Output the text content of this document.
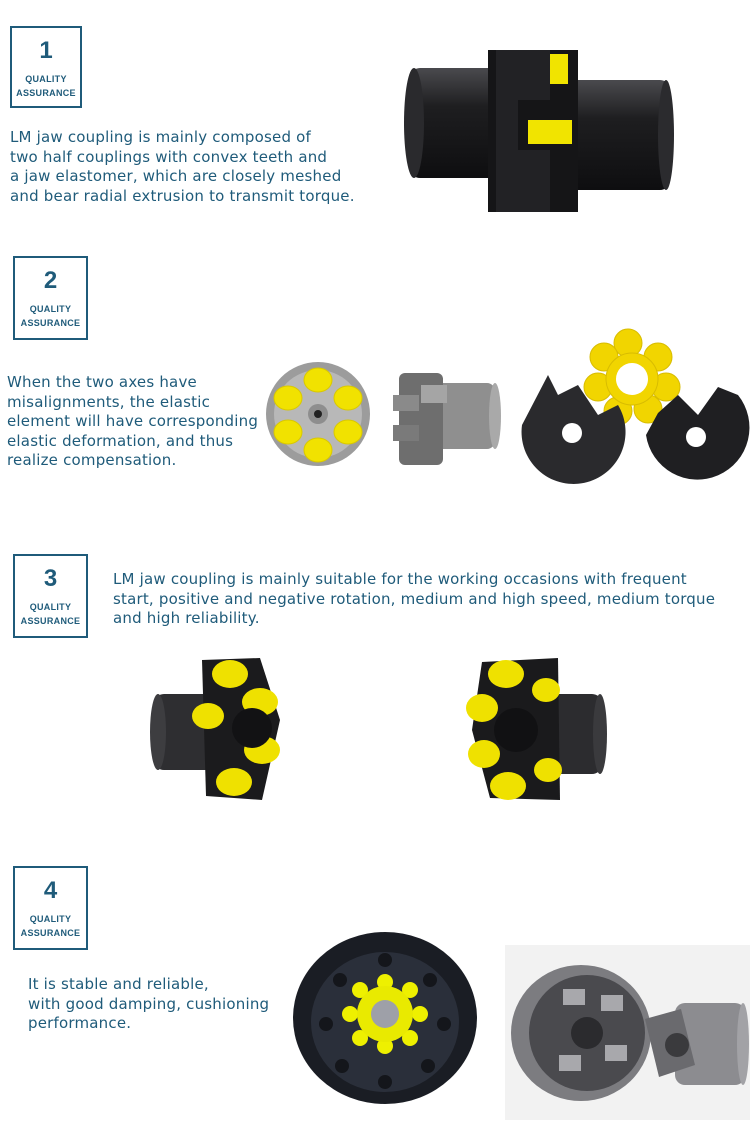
1
QUALITY
ASSURANCE
LM jaw coupling is mainly composed of
two half couplings with convex teeth and
a jaw elastomer, which are closely meshed
and bear radial extrusion to transmit torque.
2
QUALITY
ASSURANCE
When the two axes have
misalignments, the elastic
element will have corresponding
elastic deformation, and thus
realize compensation.
3
QUALITY
ASSURANCE
LM jaw coupling is mainly suitable for the working occasions with frequent
start, positive and negative rotation, medium and high speed, medium torque
and high reliability.
4
QUALITY
ASSURANCE
It is stable and reliable,
with good damping, cushioning
performance.
